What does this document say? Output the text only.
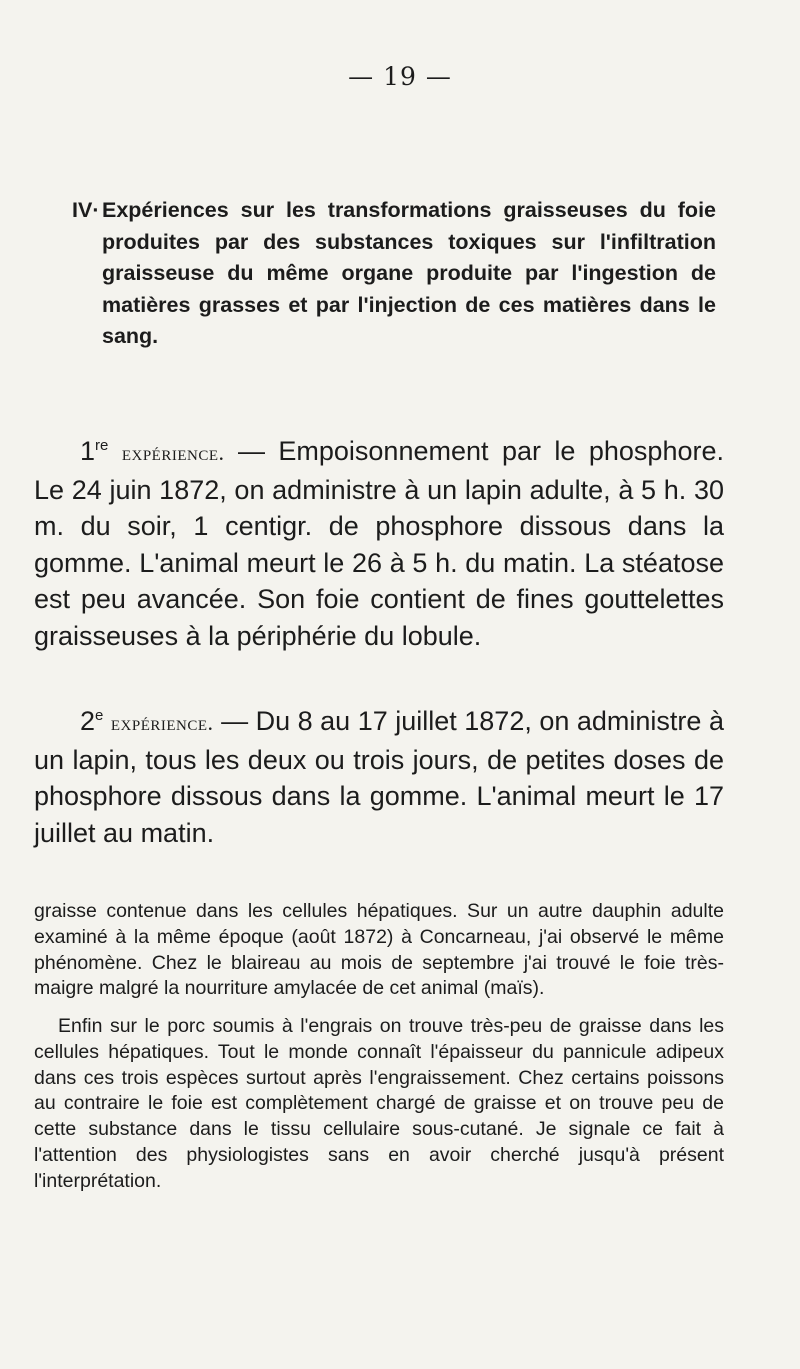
— 19 —

IV· Expériences sur les transformations graisseuses du foie produites par des substances toxiques sur l'infiltration graisseuse du même organe produite par l'ingestion de matières grasses et par l'injection de ces matières dans le sang.

1re expérience. — Empoisonnement par le phosphore. Le 24 juin 1872, on administre à un lapin adulte, à 5 h. 30 m. du soir, 1 centigr. de phosphore dissous dans la gomme. L'animal meurt le 26 à 5 h. du matin. La stéatose est peu avancée. Son foie contient de fines gouttelettes graisseuses à la périphérie du lobule.

2e expérience. — Du 8 au 17 juillet 1872, on administre à un lapin, tous les deux ou trois jours, de petites doses de phosphore dissous dans la gomme. L'animal meurt le 17 juillet au matin.

graisse contenue dans les cellules hépatiques. Sur un autre dauphin adulte examiné à la même époque (août 1872) à Concarneau, j'ai observé le même phénomène. Chez le blaireau au mois de septembre j'ai trouvé le foie très-maigre malgré la nourriture amylacée de cet animal (maïs).

Enfin sur le porc soumis à l'engrais on trouve très-peu de graisse dans les cellules hépatiques. Tout le monde connaît l'épaisseur du pannicule adipeux dans ces trois espèces surtout après l'engraissement. Chez certains poissons au contraire le foie est complètement chargé de graisse et on trouve peu de cette substance dans le tissu cellulaire sous-cutané. Je signale ce fait à l'attention des physiologistes sans en avoir cherché jusqu'à présent l'interprétation.
